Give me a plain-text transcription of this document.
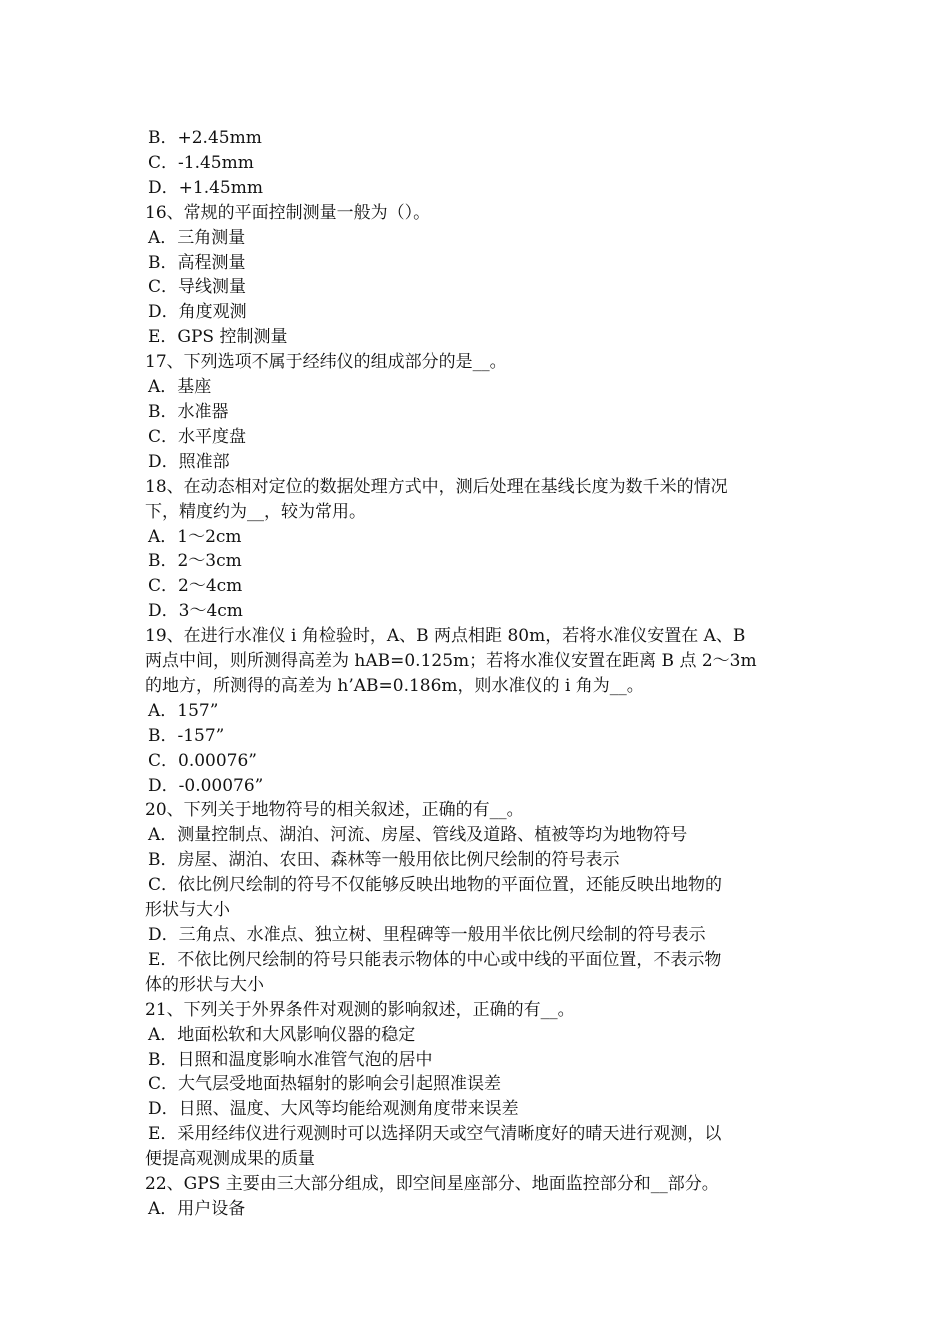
B．+2.45mm
C．-1.45mm
D．+1.45mm
16、常规的平面控制测量一般为（）。
A．三角测量
B．高程测量
C．导线测量
D．角度观测
E．GPS 控制测量
17、下列选项不属于经纬仪的组成部分的是__。
A．基座
B．水准器
C．水平度盘
D．照准部
18、在动态相对定位的数据处理方式中，测后处理在基线长度为数千米的情况
下，精度约为__，较为常用。
A．1～2cm
B．2～3cm
C．2～4cm
D．3～4cm
19、在进行水准仪 i 角检验时，A、B 两点相距 80m，若将水准仪安置在 A、B
两点中间，则所测得高差为 hAB=0.125m；若将水准仪安置在距离 B 点 2～3m
的地方，所测得的高差为 h’AB=0.186m，则水准仪的 i 角为__。
A．157”
B．-157”
C．0.00076”
D．-0.00076”
20、下列关于地物符号的相关叙述，正确的有__。
A．测量控制点、湖泊、河流、房屋、管线及道路、植被等均为地物符号
B．房屋、湖泊、农田、森林等一般用依比例尺绘制的符号表示
C．依比例尺绘制的符号不仅能够反映出地物的平面位置，还能反映出地物的
形状与大小
D．三角点、水准点、独立树、里程碑等一般用半依比例尺绘制的符号表示
E．不依比例尺绘制的符号只能表示物体的中心或中线的平面位置，不表示物
体的形状与大小
21、下列关于外界条件对观测的影响叙述，正确的有__。
A．地面松软和大风影响仪器的稳定
B．日照和温度影响水准管气泡的居中
C．大气层受地面热辐射的影响会引起照准误差
D．日照、温度、大风等均能给观测角度带来误差
E．采用经纬仪进行观测时可以选择阴天或空气清晰度好的晴天进行观测，以
便提高观测成果的质量
22、GPS 主要由三大部分组成，即空间星座部分、地面监控部分和__部分。
A．用户设备
